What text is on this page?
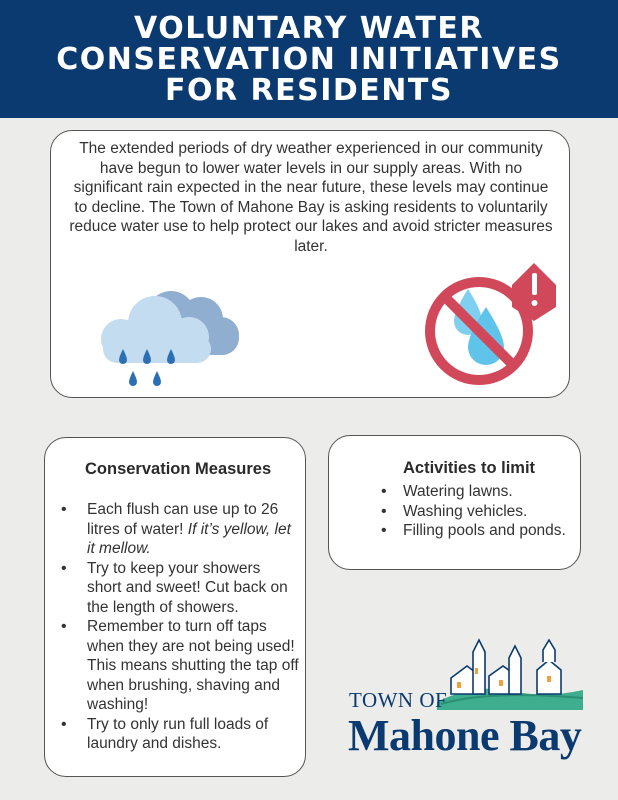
VOLUNTARY WATER
CONSERVATION INITIATIVES
FOR RESIDENTS

The extended periods of dry weather experienced in our community have begun to lower water levels in our supply areas. With no significant rain expected in the near future, these levels may continue to decline. The Town of Mahone Bay is asking residents to voluntarily reduce water use to help protect our lakes and avoid stricter measures later.

Conservation Measures
• Each flush can use up to 26 litres of water! If it’s yellow, let it mellow.
• Try to keep your showers short and sweet! Cut back on the length of showers.
• Remember to turn off taps when they are not being used! This means shutting the tap off when brushing, shaving and washing!
• Try to only run full loads of laundry and dishes.
Activities to limit
• Watering lawns.
• Washing vehicles.
• Filling pools and ponds.
TOWN OF
Mahone Bay
